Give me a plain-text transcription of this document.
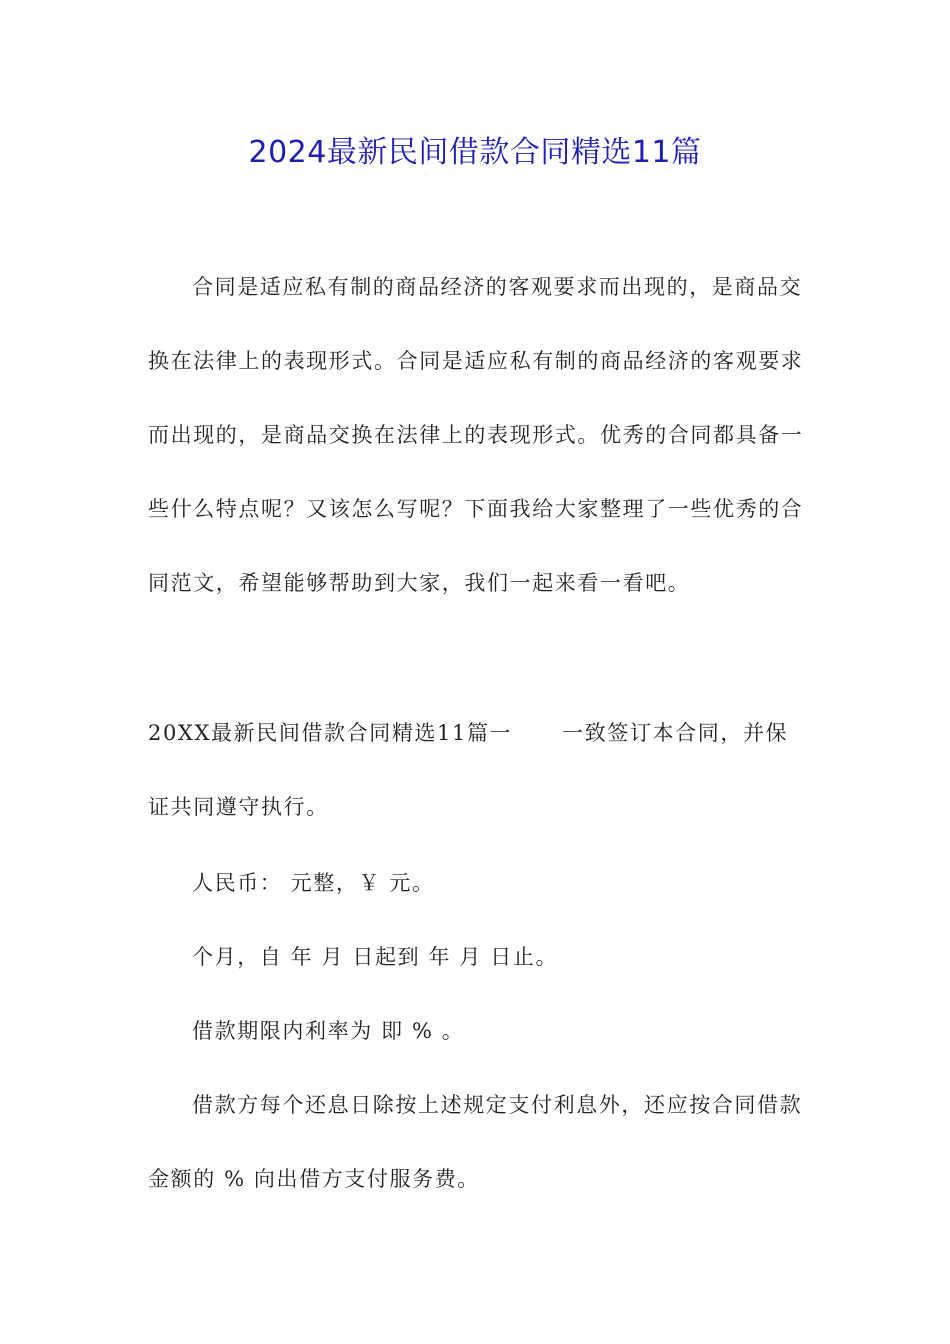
2024最新民间借款合同精选11篇

合同是适应私有制的商品经济的客观要求而出现的，是商品交换在法律上的表现形式。合同是适应私有制的商品经济的客观要求而出现的，是商品交换在法律上的表现形式。优秀的合同都具备一些什么特点呢？又该怎么写呢？下面我给大家整理了一些优秀的合同范文，希望能够帮助到大家，我们一起来看一看吧。

20XX最新民间借款合同精选11篇一 一致签订本合同，并保证共同遵守执行。

人民币： 元整，￥ 元。

个月，自 年 月 日起到 年 月 日止。

借款期限内利率为 即 % 。

借款方每个还息日除按上述规定支付利息外，还应按合同借款金额的 % 向出借方支付服务费。
